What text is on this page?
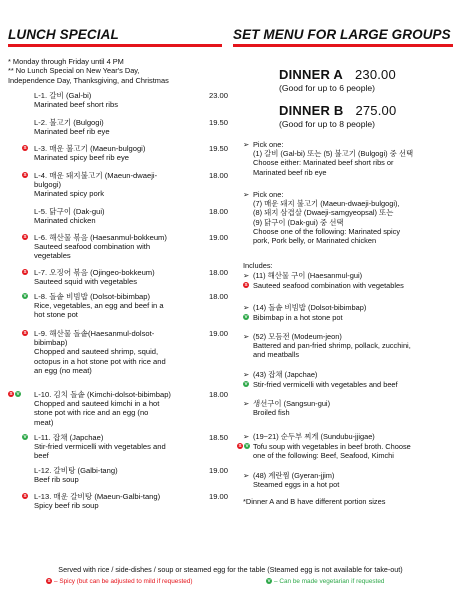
LUNCH SPECIAL	SET MENU FOR LARGE GROUPS
* Monday through Friday until 4 PM
** No Lunch Special on New Year's Day,
Independence Day, Thanksgiving, and Christmas
L-1. 갈비 (Gal-bi)
Marinated beef short ribs
23.00
L-2. 불고기 (Bulgogi)
Marinated beef rib eye
19.50
S L-3. 매운 불고기 (Maeun-bulgogi)
Marinated spicy beef rib eye
19.50
S L-4. 매운 돼지불고기 (Maeun-dwaeji-
bulgogi)
Marinated spicy pork
18.00
L-5. 닭구이 (Dak-gui)
Marinated chicken
18.00
S L-6. 해산물 볶음 (Haesanmul-bokkeum)
Sauteed seafood combination with
vegetables
19.00
S L-7. 오징어 볶음 (Ojingeo-bokkeum)
Sauteed squid with vegetables
18.00
V L-8. 돌솥 비빔밥 (Dolsot-bibimbap)
Rice, vegetables, an egg and beef in a
hot stone pot
18.00
S L-9. 해산물 돌솥(Haesanmul-dolsot-
bibimbap)
Chopped and sauteed shrimp, squid,
octopus in a hot stone pot with rice and
an egg (no meat)
19.00
S V L-10. 김치 돌솥 (Kimchi-dolsot-bibimbap)
Chopped and sauteed kimchi in a hot
stone pot with rice and an egg (no
meat)
18.00
V L-11. 잡채 (Japchae)
Stir-fried vermicelli with vegetables and
beef
18.50
L-12. 갈비탕 (Galbi-tang)
Beef rib soup
19.00
S L-13. 매운 갈비탕 (Maeun-Galbi-tang)
Spicy beef rib soup
19.00
DINNER A 230.00
(Good for up to 6 people)
DINNER B 275.00
(Good for up to 8 people)
➢ Pick one:
(1) 갈비 (Gal-bi) 또는 (5) 불고기 (Bulgogi) 중 선택
Choose either: Marinated beef short ribs or
Marinated beef rib eye
➢ Pick one:
(7) 매운 돼지 불고기 (Maeun-dwaeji-bulgogi),
(8) 돼지 삼겹살 (Dwaeji-samgyeopsal) 또는
(9) 닭구이 (Dak-gui) 중 선택
Choose one of the following: Marinated spicy
pork, Pork belly, or Marinated chicken
Includes:
➢ (11) 해산물 구이 (Haesanmul-gui)
S Sauteed seafood combination with vegetables
➢ (14) 돌솥 비빔밥 (Dolsot-bibimbap)
V Bibimbap in a hot stone pot
➢ (52) 모듬전 (Modeum-jeon)
Battered and pan-fried shrimp, pollack, zucchini,
and meatballs
➢ (43) 잡채 (Japchae)
V Stir-fried vermicelli with vegetables and beef
➢ 생선구이 (Sangsun-gui)
Broiled fish
➢ (19~21) 순두부 찌게 (Sundubu-jjigae)
S V Tofu soup with vegetables in beef broth. Choose
one of the following: Beef, Seafood, Kimchi
➢ (48) 계란찜 (Gyeran-jjim)
Steamed eggs in a hot pot
*Dinner A and B have different portion sizes
Served with rice / side-dishes / soup or steamed egg for the table (Steamed egg is not available for take-out)
S – Spicy (but can be adjusted to mild if requested)	V – Can be made vegetarian if requested
